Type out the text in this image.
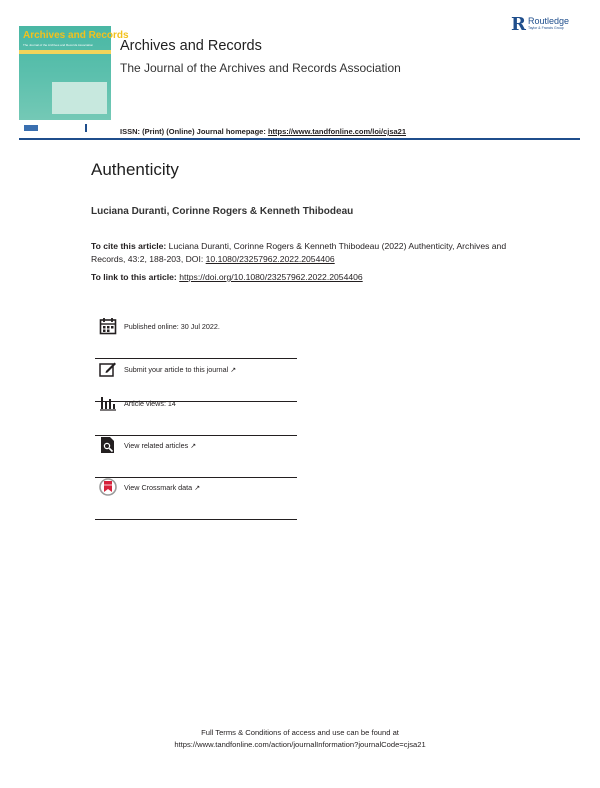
Archives and Records
The Journal of the Archives and Records Association Archives and Records
The Journal of the Archives and Records Association
ISSN: (Print) (Online) Journal homepage: https://www.tandfonline.com/loi/cjsa21
R Routledge
Taylor & Francis Group
Authenticity
Luciana Duranti, Corinne Rogers & Kenneth Thibodeau
To cite this article: Luciana Duranti, Corinne Rogers & Kenneth Thibodeau (2022) Authenticity, Archives and Records, 43:2, 188-203, DOI: 10.1080/23257962.2022.2054406
To link to this article: https://doi.org/10.1080/23257962.2022.2054406
Published online: 30 Jul 2022.
Submit your article to this journal ↗
Article views: 14
View related articles ↗
View Crossmark data ↗
Full Terms & Conditions of access and use can be found at
https://www.tandfonline.com/action/journalInformation?journalCode=cjsa21
